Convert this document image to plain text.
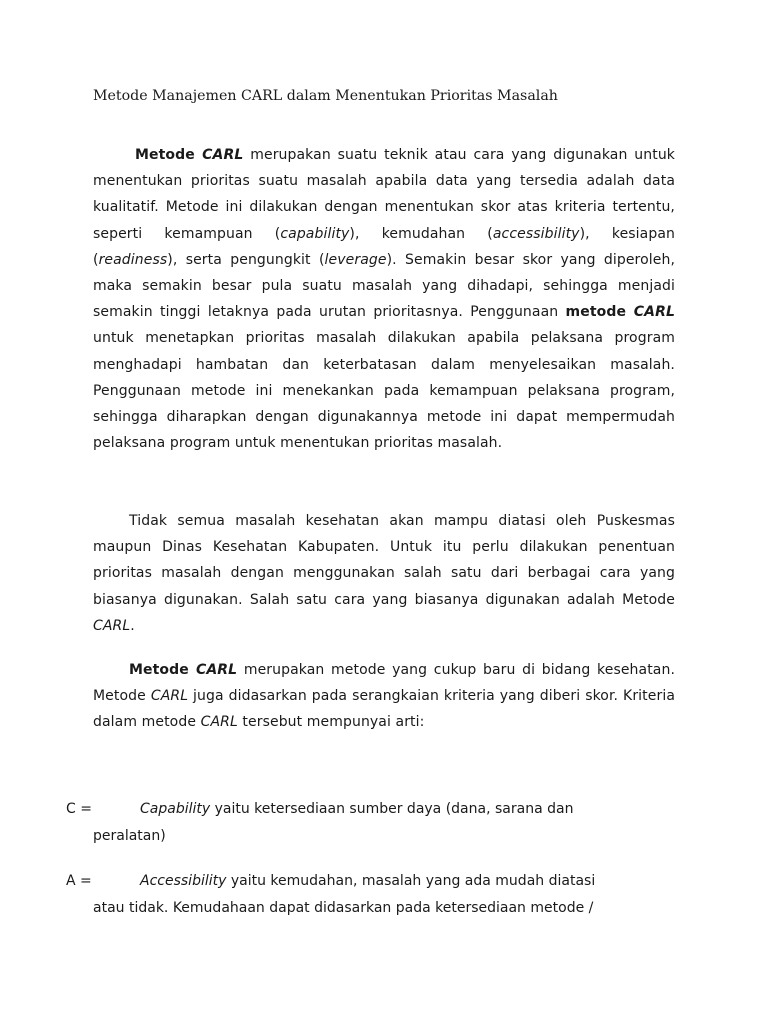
Metode Manajemen CARL dalam Menentukan Prioritas Masalah

Metode CARL merupakan suatu teknik atau cara yang digunakan untuk menentukan prioritas suatu masalah apabila data yang tersedia adalah data kualitatif. Metode ini dilakukan dengan menentukan skor atas kriteria tertentu, seperti kemampuan (capability), kemudahan (accessibility), kesiapan (readiness), serta pengungkit (leverage). Semakin besar skor yang diperoleh, maka semakin besar pula suatu masalah yang dihadapi, sehingga menjadi semakin tinggi letaknya pada urutan prioritasnya. Penggunaan metode CARL untuk menetapkan prioritas masalah dilakukan apabila pelaksana program menghadapi hambatan dan keterbatasan dalam menyelesaikan masalah. Penggunaan metode ini menekankan pada kemampuan pelaksana program, sehingga diharapkan dengan digunakannya metode ini dapat mempermudah pelaksana program untuk menentukan prioritas masalah.

Tidak semua masalah kesehatan akan mampu diatasi oleh Puskesmas maupun Dinas Kesehatan Kabupaten. Untuk itu perlu dilakukan penentuan prioritas masalah dengan menggunakan salah satu dari berbagai cara yang biasanya digunakan. Salah satu cara yang biasanya digunakan adalah Metode CARL.

Metode CARL merupakan metode yang cukup baru di bidang kesehatan. Metode CARL juga didasarkan pada serangkaian kriteria yang diberi skor. Kriteria dalam metode CARL tersebut mempunyai arti:

C =	Capability yaitu ketersediaan sumber daya (dana, sarana dan
peralatan)
A =	Accessibility yaitu kemudahan, masalah yang ada mudah diatasi
atau tidak. Kemudahaan dapat didasarkan pada ketersediaan metode /
